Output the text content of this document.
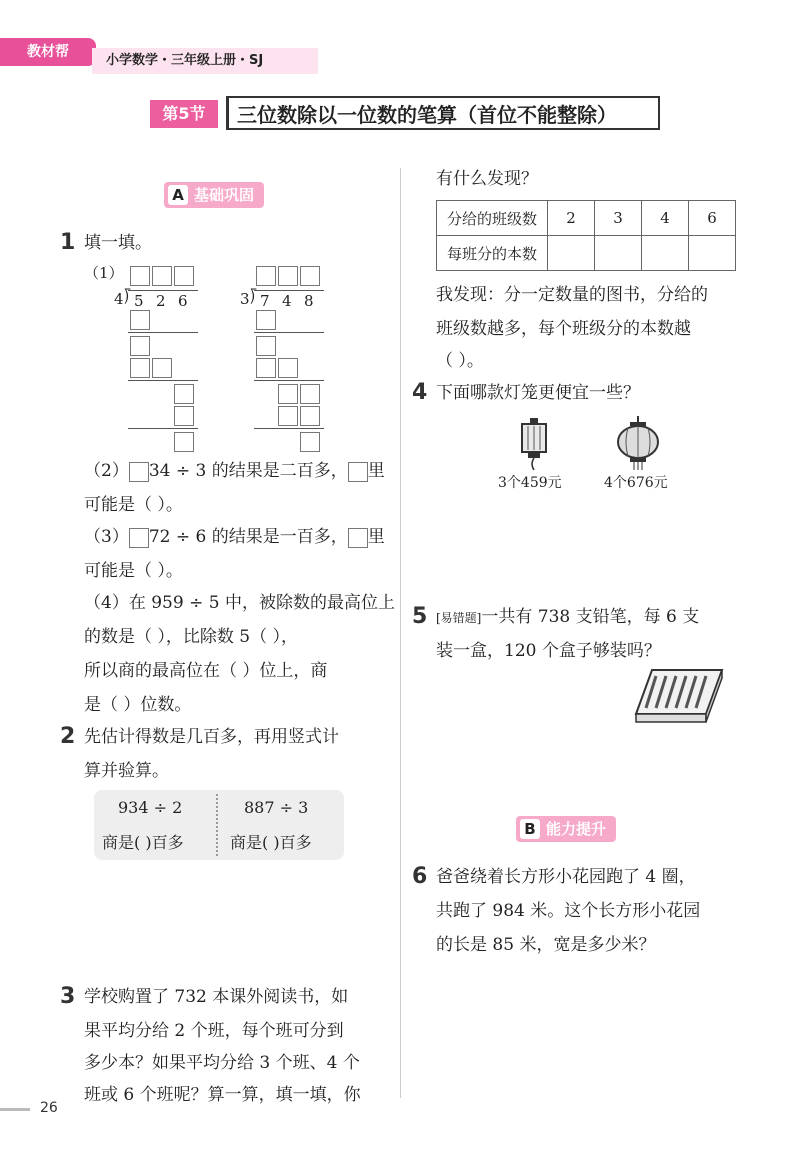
教材帮
小学数学・三年级上册・SJ
第5节	三位数除以一位数的笔算（首位不能整除）
A 基础巩固
1 填一填。
（1）
4 ⟌ 5 2 6	3 ⟌ 7 4 8
（2） 34 ÷ 3 的结果是二百多， 里
可能是（ ）。
（3） 72 ÷ 6 的结果是一百多， 里
可能是（ ）。
（4）在 959 ÷ 5 中，被除数的最高位上
的数是（ ），比除数 5（ ），
所以商的最高位在（ ）位上，商
是（ ）位数。
2 先估计得数是几百多，再用竖式计
算并验算。
934 ÷ 2	887 ÷ 3
商是( )百多	商是( )百多
3 学校购置了 732 本课外阅读书，如
果平均分给 2 个班，每个班可分到
多少本？如果平均分给 3 个班、4 个
班或 6 个班呢？算一算，填一填，你
有什么发现？
分给的班级数	2	3	4	6
每班分的本数				
我发现：分一定数量的图书，分给的
班级数越多，每个班级分的本数越
（ ）。
4 下面哪款灯笼更便宜一些？
3个459元	4个676元
5 [易错题]一共有 738 支铅笔，每 6 支
装一盒，120 个盒子够装吗？
B 能力提升
6 爸爸绕着长方形小花园跑了 4 圈，
共跑了 984 米。这个长方形小花园
的长是 85 米，宽是多少米？
26
